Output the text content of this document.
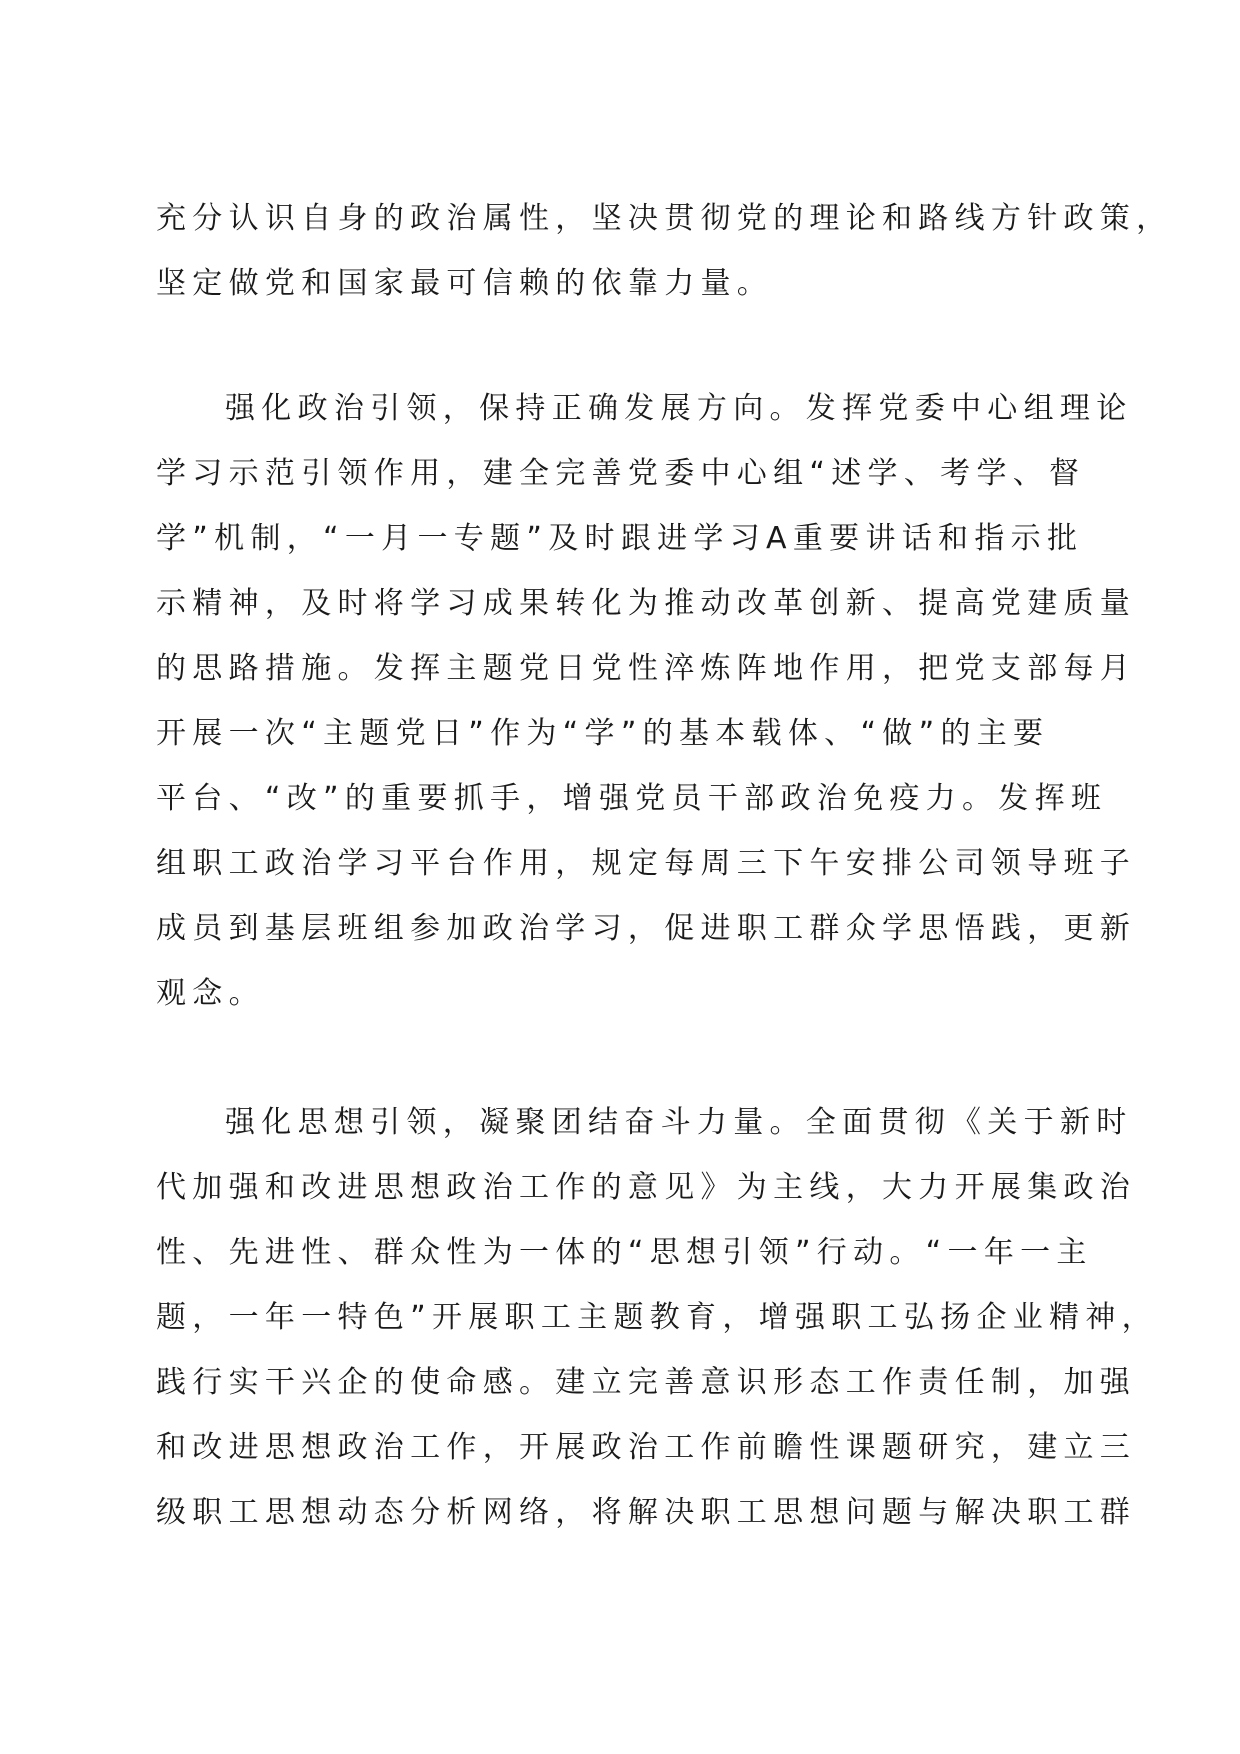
充分认识自身的政治属性，坚决贯彻党的理论和路线方针政策，
坚定做党和国家最可信赖的依靠力量。
强化政治引领，保持正确发展方向。发挥党委中心组理论
学习示范引领作用，建全完善党委中心组“述学、考学、督
学”机制，“一月一专题”及时跟进学习A重要讲话和指示批
示精神，及时将学习成果转化为推动改革创新、提高党建质量
的思路措施。发挥主题党日党性淬炼阵地作用，把党支部每月
开展一次“主题党日”作为“学”的基本载体、“做”的主要
平台、“改”的重要抓手，增强党员干部政治免疫力。发挥班
组职工政治学习平台作用，规定每周三下午安排公司领导班子
成员到基层班组参加政治学习，促进职工群众学思悟践，更新
观念。
强化思想引领，凝聚团结奋斗力量。全面贯彻《关于新时
代加强和改进思想政治工作的意见》为主线，大力开展集政治
性、先进性、群众性为一体的“思想引领”行动。“一年一主
题，一年一特色”开展职工主题教育，增强职工弘扬企业精神，
践行实干兴企的使命感。建立完善意识形态工作责任制，加强
和改进思想政治工作，开展政治工作前瞻性课题研究，建立三
级职工思想动态分析网络，将解决职工思想问题与解决职工群
